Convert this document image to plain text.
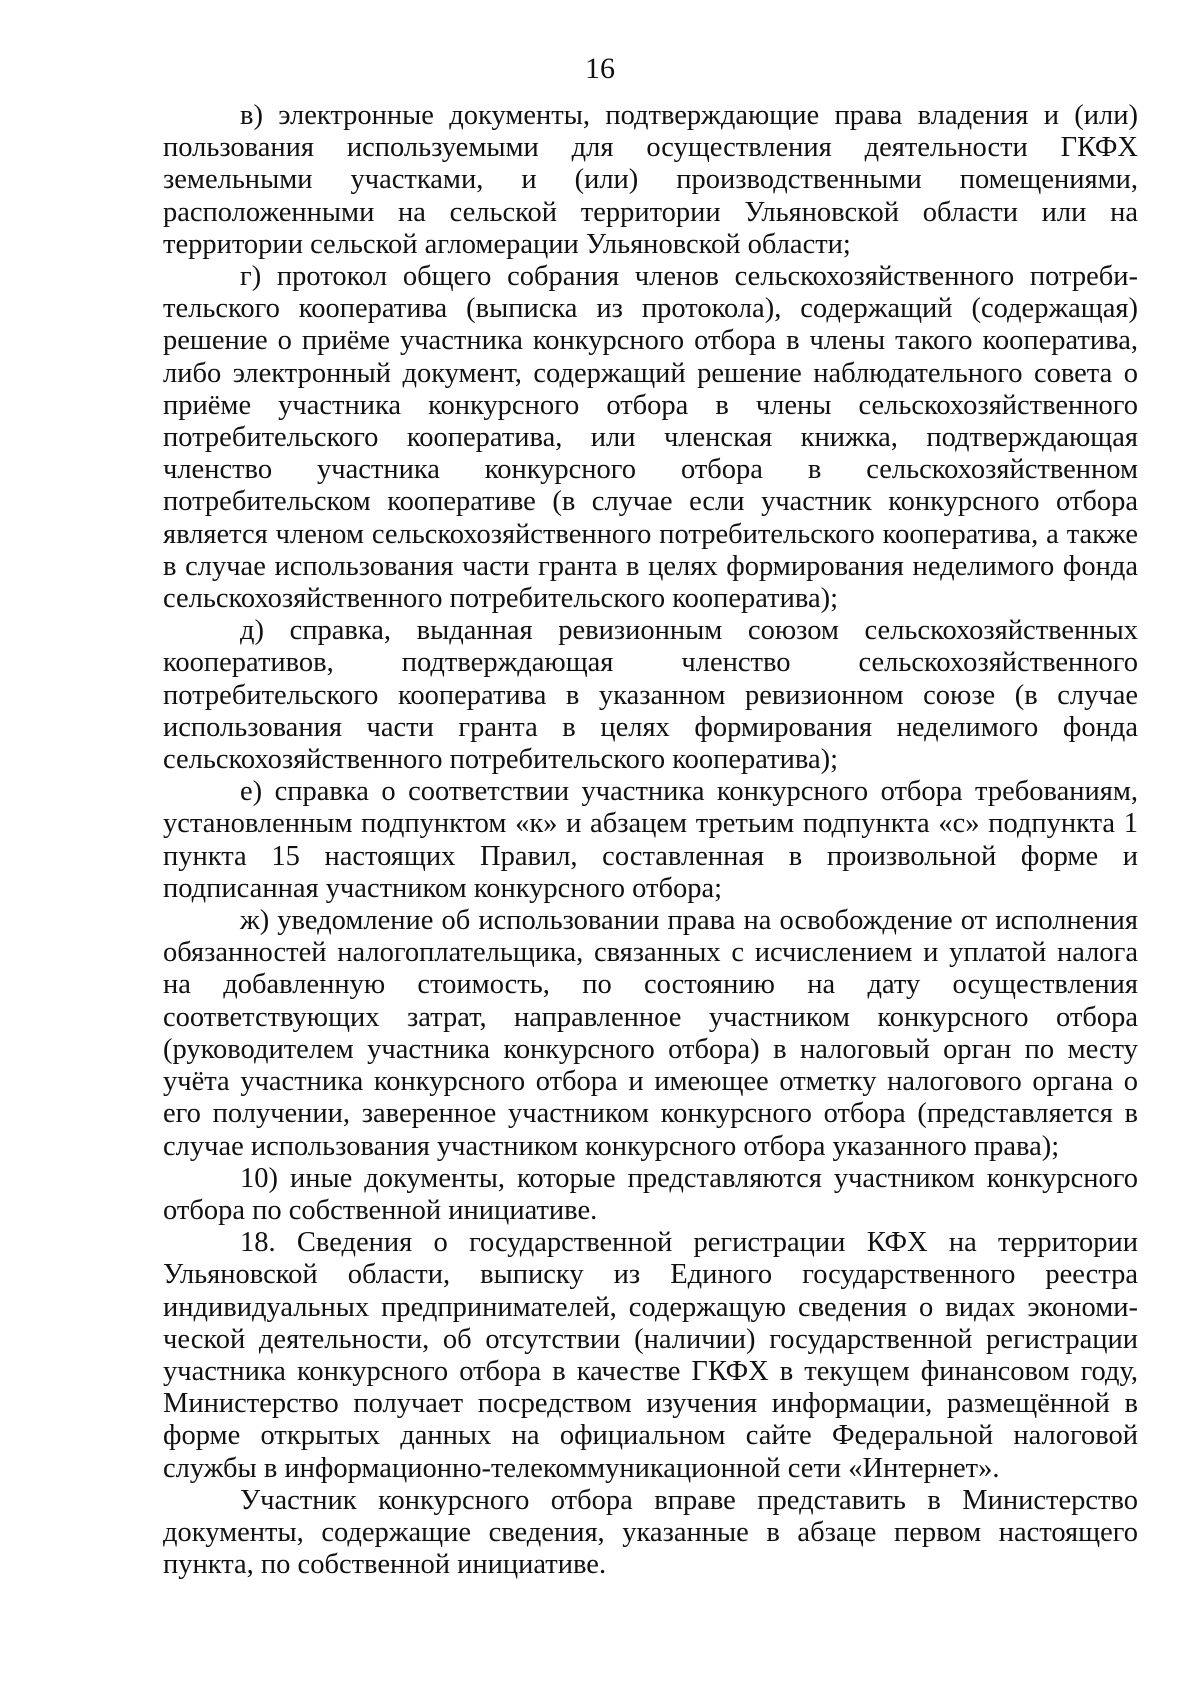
16

в) электронные документы, подтверждающие права владения и (или) пользования используемыми для осуществления деятельности ГКФХ земельными участками, и (или) производственными помещениями, расположенными на сельской территории Ульяновской области или на территории сельской агломерации Ульяновской области;

г) протокол общего собрания членов сельскохозяйственного потребительского кооператива (выписка из протокола), содержащий (содержащая) решение о приёме участника конкурсного отбора в члены такого кооператива, либо электронный документ, содержащий решение наблюдательного совета о приёме участника конкурсного отбора в члены сельскохозяйственного потребительского кооператива, или членская книжка, подтверждающая членство участника конкурсного отбора в сельскохозяйственном потребительском кооперативе (в случае если участник конкурсного отбора является членом сельскохозяйственного потребительского кооператива, а также в случае использования части гранта в целях формирования неделимого фонда сельскохозяйственного потребительского кооператива);

д) справка, выданная ревизионным союзом сельскохозяйственных кооперативов, подтверждающая членство сельскохозяйственного потребительского кооператива в указанном ревизионном союзе (в случае использования части гранта в целях формирования неделимого фонда сельскохозяйственного потребительского кооператива);

е) справка о соответствии участника конкурсного отбора требованиям, установленным подпунктом «к» и абзацем третьим подпункта «с» подпункта 1 пункта 15 настоящих Правил, составленная в произвольной форме и подписанная участником конкурсного отбора;

ж) уведомление об использовании права на освобождение от исполнения обязанностей налогоплательщика, связанных с исчислением и уплатой налога на добавленную стоимость, по состоянию на дату осуществления соответствующих затрат, направленное участником конкурсного отбора (руководителем участника конкурсного отбора) в налоговый орган по месту учёта участника конкурсного отбора и имеющее отметку налогового органа о его получении, заверенное участником конкурсного отбора (представляется в случае использования участником конкурсного отбора указанного права);

10) иные документы, которые представляются участником конкурсного отбора по собственной инициативе.

18. Сведения о государственной регистрации КФХ на территории Ульяновской области, выписку из Единого государственного реестра индивидуальных предпринимателей, содержащую сведения о видах экономической деятельности, об отсутствии (наличии) государственной регистрации участника конкурсного отбора в качестве ГКФХ в текущем финансовом году, Министерство получает посредством изучения информации, размещённой в форме открытых данных на официальном сайте Федеральной налоговой службы в информационно-телекоммуникационной сети «Интернет».

Участник конкурсного отбора вправе представить в Министерство документы, содержащие сведения, указанные в абзаце первом настоящего пункта, по собственной инициативе.
